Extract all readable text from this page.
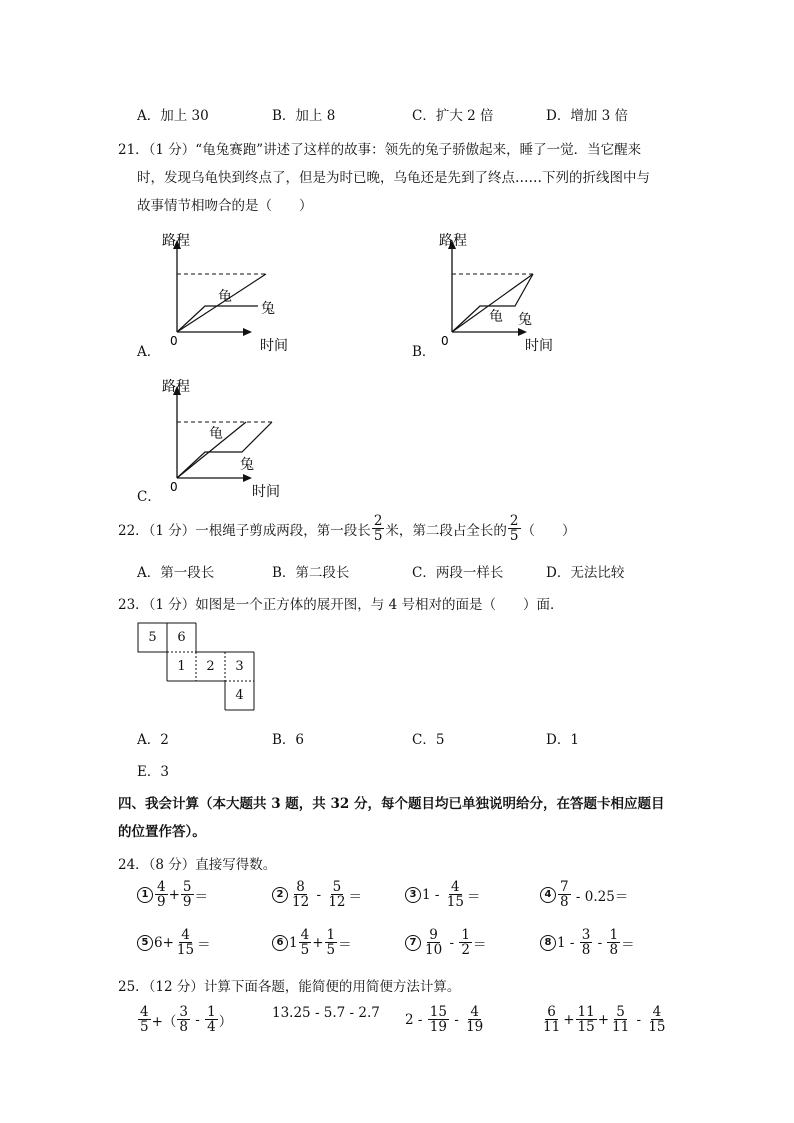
A．加上 30	B．加上 8	C．扩大 2 倍	D．增加 3 倍
21．（1 分）“龟兔赛跑”讲述了这样的故事：领先的兔子骄傲起来，睡了一觉．当它醒来
时，发现乌龟快到终点了，但是为时已晚，乌龟还是先到了终点……下列的折线图中与
故事情节相吻合的是（　　）
路程
时间
0
龟
兔
A．
路程
时间
0
龟 兔
B．
路程
时间
0
龟
兔
C．
22．（1 分）一根绳子剪成两段，第一段长 $\frac{2}{5}$ 米，第二段占全长的 $\frac{2}{5}$ （　　）
A．第一段长	B．第二段长	C．两段一样长	D．无法比较
23．（1 分）如图是一个正方体的展开图，与 4 号相对的面是（　　）面．
5	6
1	2	3
4
A．2	B．6	C．5	D．1
E．3
四、我会计算（本大题共 3 题，共 32 分，每个题目均已单独说明给分，在答题卡相应题目
的位置作答）。
24．（8 分）直接写得数。
$1 \frac{4}{9} + \frac{5}{9}$ ＝	$2 \frac{8}{12} - \frac{5}{12}$ ＝	3 $1 - \frac{4}{15}$ ＝	$4 \frac{7}{8} - 0.25=$
5 $6+ \frac{4}{15}$ ＝	6 $1 \frac{4}{5} + \frac{1}{5}$ ＝	$7 \frac{9}{10} - \frac{1}{2}$ ＝	8 $1 - \frac{3}{8} - \frac{1}{8}$ ＝
25．（12 分）计算下面各题，能简便的用简便方法计算。
$\frac{4}{5}$ +（ $\frac{3}{8} - \frac{1}{4}$ ）
13.25 - 5.7 - 2.7 $2 - \frac{15}{19} - \frac{4}{19}$	$\frac{6}{11} + \frac{11}{15} + \frac{5}{11} - \frac{4}{15}$
